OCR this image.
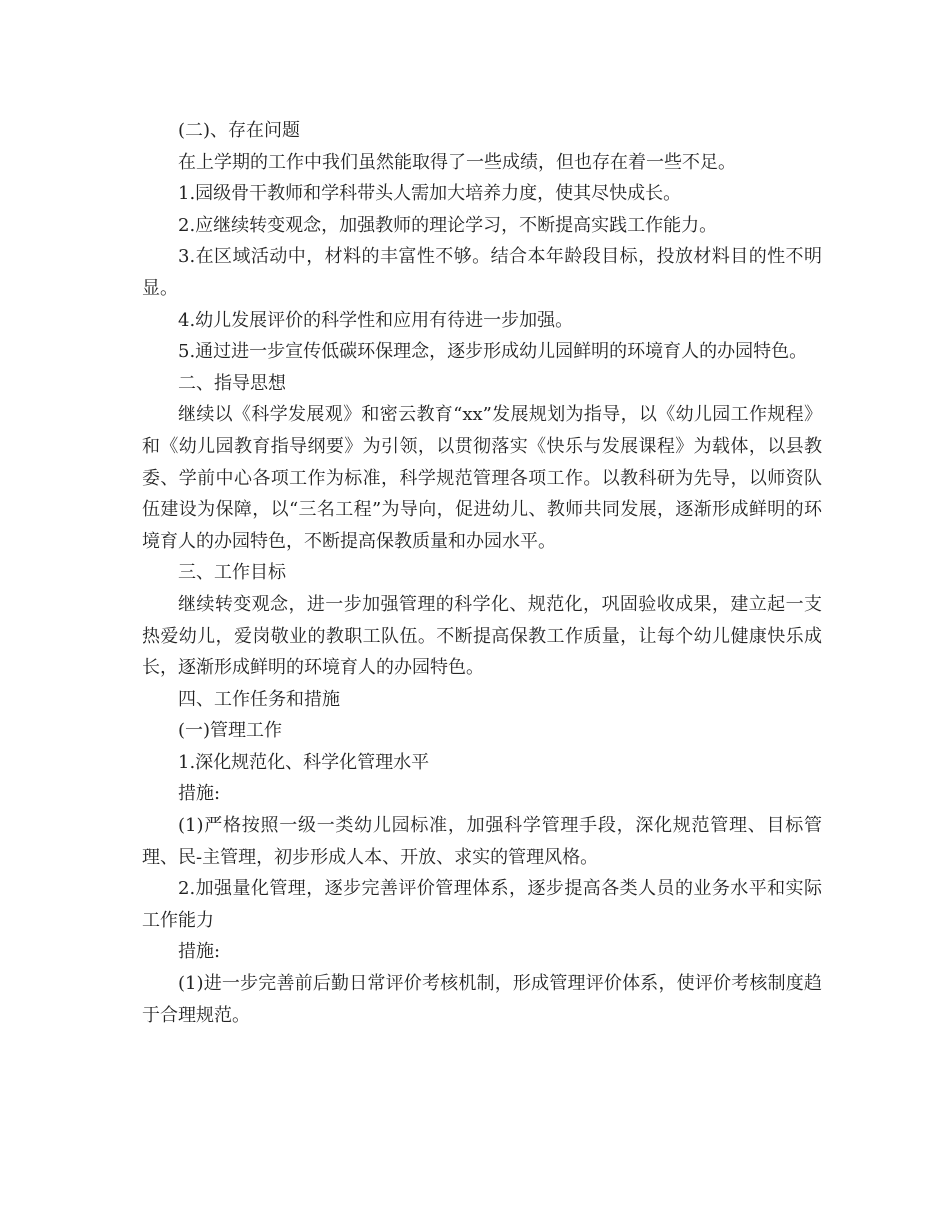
(二)、存在问题

在上学期的工作中我们虽然能取得了一些成绩，但也存在着一些不足。

1.园级骨干教师和学科带头人需加大培养力度，使其尽快成长。

2.应继续转变观念，加强教师的理论学习，不断提高实践工作能力。

3.在区域活动中，材料的丰富性不够。结合本年龄段目标，投放材料目的性不明显。

4.幼儿发展评价的科学性和应用有待进一步加强。

5.通过进一步宣传低碳环保理念，逐步形成幼儿园鲜明的环境育人的办园特色。

二、指导思想

继续以《科学发展观》和密云教育“xx”发展规划为指导，以《幼儿园工作规程》和《幼儿园教育指导纲要》为引领，以贯彻落实《快乐与发展课程》为载体，以县教委、学前中心各项工作为标准，科学规范管理各项工作。以教科研为先导，以师资队伍建设为保障，以“三名工程”为导向，促进幼儿、教师共同发展，逐渐形成鲜明的环境育人的办园特色，不断提高保教质量和办园水平。

三、工作目标

继续转变观念，进一步加强管理的科学化、规范化，巩固验收成果，建立起一支热爱幼儿，爱岗敬业的教职工队伍。不断提高保教工作质量，让每个幼儿健康快乐成长，逐渐形成鲜明的环境育人的办园特色。

四、工作任务和措施

(一)管理工作

1.深化规范化、科学化管理水平

措施:

(1)严格按照一级一类幼儿园标准，加强科学管理手段，深化规范管理、目标管理、民-主管理，初步形成人本、开放、求实的管理风格。

2.加强量化管理，逐步完善评价管理体系，逐步提高各类人员的业务水平和实际工作能力

措施:

(1)进一步完善前后勤日常评价考核机制，形成管理评价体系，使评价考核制度趋于合理规范。
